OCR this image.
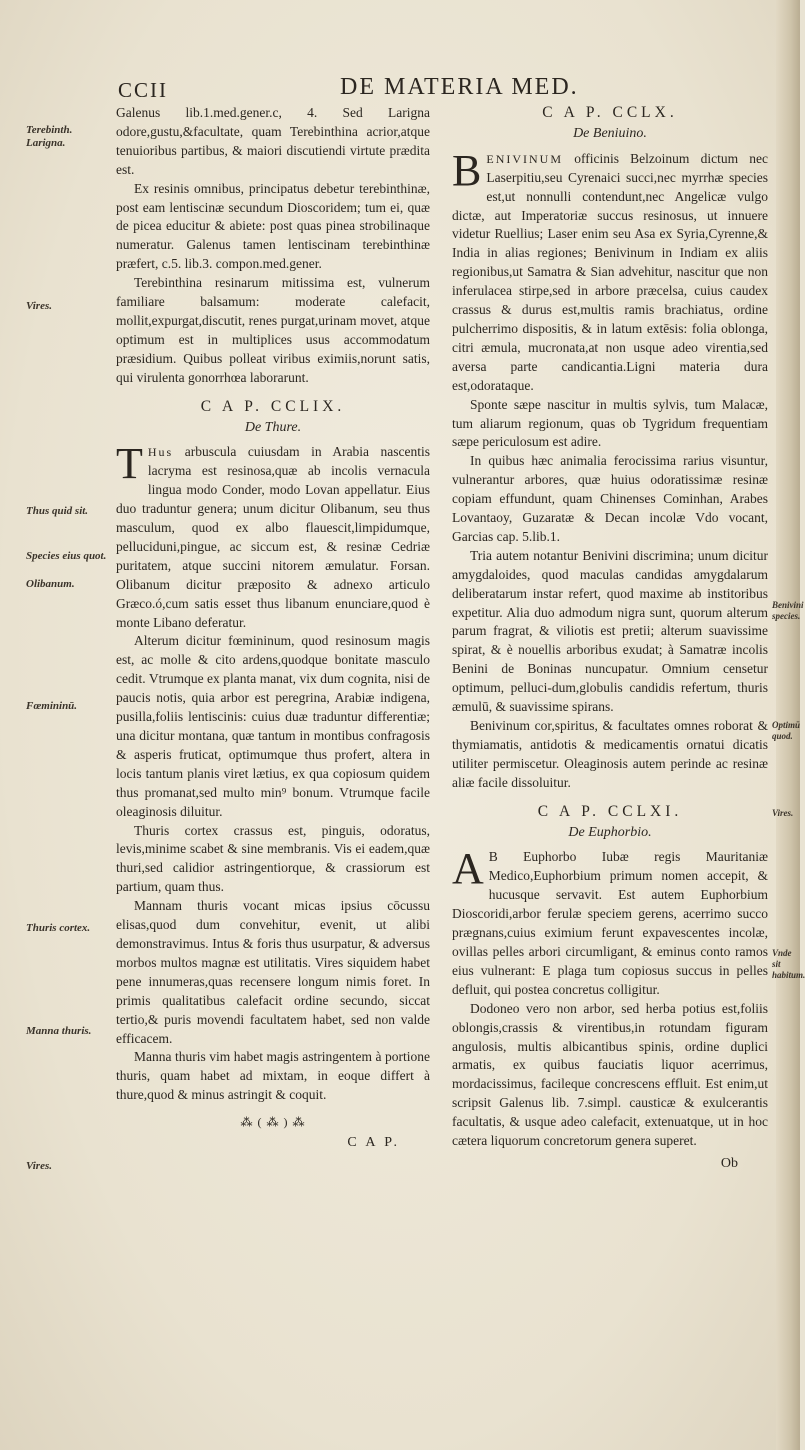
CCII	DE MATERIA MED.
Terebinth. Larigna.
Vires.
Thus quid sit.
Species eius quot.
Olibanum.
Fœmininū.
Thuris cortex.
Manna thuris.
Vires.
Benivini species.
Optimū quod.
Vires.
Vnde sit habitum.

Galenus lib.1.med.gener.c, 4. Sed Larigna odore,gustu,&facultate, quam Terebinthina acrior,atque tenuioribus partibus, & maiori discutiendi virtute prædita est.

Ex resinis omnibus, principatus debetur terebinthinæ, post eam lentiscinæ secundum Dioscoridem; tum ei, quæ de picea educitur & abiete: post quas pinea strobilinaque numeratur. Galenus tamen lentiscinam terebinthinæ præfert, c.5. lib.3. compon.med.gener.

Terebinthina resinarum mitissima est, vulnerum familiare balsamum: moderate calefacit, mollit,expurgat,discutit, renes purgat,urinam movet, atque optimum est in multiplices usus accommodatum præsidium. Quibus polleat viribus eximiis,norunt satis, qui virulenta gonorrhœa laborarunt.

C A P. CCLIX.
De Thure.

T Hus arbuscula cuiusdam in Arabia nascentis lacryma est resinosa,quæ ab incolis vernacula lingua modo Conder, modo Lovan appellatur. Eius duo traduntur genera; unum dicitur Olibanum, seu thus masculum, quod ex albo flauescit,limpidumque, pelluciduni,pingue, ac siccum est, & resinæ Cedriæ puritatem, atque succini nitorem æmulatur. Forsan. Olibanum dicitur præposito & adnexo articulo Græco.ó,cum satis esset thus libanum enunciare,quod è monte Libano deferatur.

Alterum dicitur fœmininum, quod resinosum magis est, ac molle & cito ardens,quodque bonitate masculo cedit. Vtrumque ex planta manat, vix dum cognita, nisi de paucis notis, quia arbor est peregrina, Arabiæ indigena, pusilla,foliis lentiscinis: cuius duæ traduntur differentiæ; una dicitur montana, quæ tantum in montibus confragosis & asperis fruticat, optimumque thus profert, altera in locis tantum planis viret lætius, ex qua copiosum quidem thus promanat,sed multo min⁹ bonum. Vtrumque facile oleaginosis diluitur.

Thuris cortex crassus est, pinguis, odoratus, levis,minime scabet & sine membranis. Vis ei eadem,quæ thuri,sed calidior astringentiorque, & crassiorum est partium, quam thus.

Mannam thuris vocant micas ipsius cōcussu elisas,quod dum convehitur, evenit, ut alibi demonstravimus. Intus & foris thus usurpatur, & adversus morbos multos magnæ est utilitatis. Vires siquidem habet pene innumeras,quas recensere longum nimis foret. In primis qualitatibus calefacit ordine secundo, siccat tertio,& puris movendi facultatem habet, sed non valde efficacem.

Manna thuris vim habet magis astringentem à portione thuris, quam habet ad mixtam, in eoque differt à thure,quod & minus astringit & coquit.

⁂ ( ⁂ ) ⁂
C A P.
C A P. CCLX.
De Beniuino.

BENIVINUM officinis Belzoinum dictum nec Laserpitiu,seu Cyrenaici succi,nec myrrhæ species est,ut nonnulli contendunt,nec Angelicæ vulgo dictæ, aut Imperatoriæ succus resinosus, ut innuere videtur Ruellius; Laser enim seu Asa ex Syria,Cyrenne,& India in alias regiones; Benivinum in Indiam ex aliis regionibus,ut Samatra & Sian advehitur, nascitur que non inferulacea stirpe,sed in arbore præcelsa, cuius caudex crassus & durus est,multis ramis brachiatus, ordine pulcherrimo dispositis, & in latum extēsis: folia oblonga, citri æmula, mucronata,at non usque adeo virentia,sed aversa parte candicantia.Ligni materia dura est,odorataque.

Sponte sæpe nascitur in multis sylvis, tum Malacæ, tum aliarum regionum, quas ob Tygridum frequentiam sæpe periculosum est adire.

In quibus hæc animalia ferocissima rarius visuntur, vulnerantur arbores, quæ huius odoratissimæ resinæ copiam effundunt, quam Chinenses Cominhan, Arabes Lovantaoy, Guzaratæ & Decan incolæ Vdo vocant, Garcias cap. 5.lib.1.

Tria autem notantur Benivini discrimina; unum dicitur amygdaloides, quod maculas candidas amygdalarum deliberatarum instar refert, quod maxime ab institoribus expetitur. Alia duo admodum nigra sunt, quorum alterum parum fragrat, & viliotis est pretii; alterum suavissime spirat, & è nouellis arboribus exudat; à Samatræ incolis Benini de Boninas nuncupatur. Omnium censetur optimum, pelluci-dum,globulis candidis refertum, thuris æmulū, & suavissime spirans.

Benivinum cor,spiritus, & facultates omnes roborat & thymiamatis, antidotis & medicamentis ornatui dicatis utiliter permiscetur. Oleaginosis autem perinde ac resinæ aliæ facile dissoluitur.

C A P. CCLXI.
De Euphorbio.

A B Euphorbo Iubæ regis Mauritaniæ Medico,Euphorbium primum nomen accepit, & hucusque servavit. Est autem Euphorbium Dioscoridi,arbor ferulæ speciem gerens, acerrimo succo prægnans,cuius eximium ferunt expavescentes incolæ, ovillas pelles arbori circumligant, & eminus conto ramos eius vulnerant: E plaga tum copiosus succus in pelles defluit, qui postea concretus colligitur.

Dodoneo vero non arbor, sed herba potius est,foliis oblongis,crassis & virentibus,in rotundam figuram angulosis, multis albicantibus spinis, ordine duplici armatis, ex quibus fauciatis liquor acerrimus, mordacissimus, facileque concrescens effluit. Est enim,ut scripsit Galenus lib. 7.simpl. causticæ & exulcerantis facultatis, & usque adeo calefacit, extenuatque, ut in hoc cætera liquorum concretorum genera superet.

Ob
